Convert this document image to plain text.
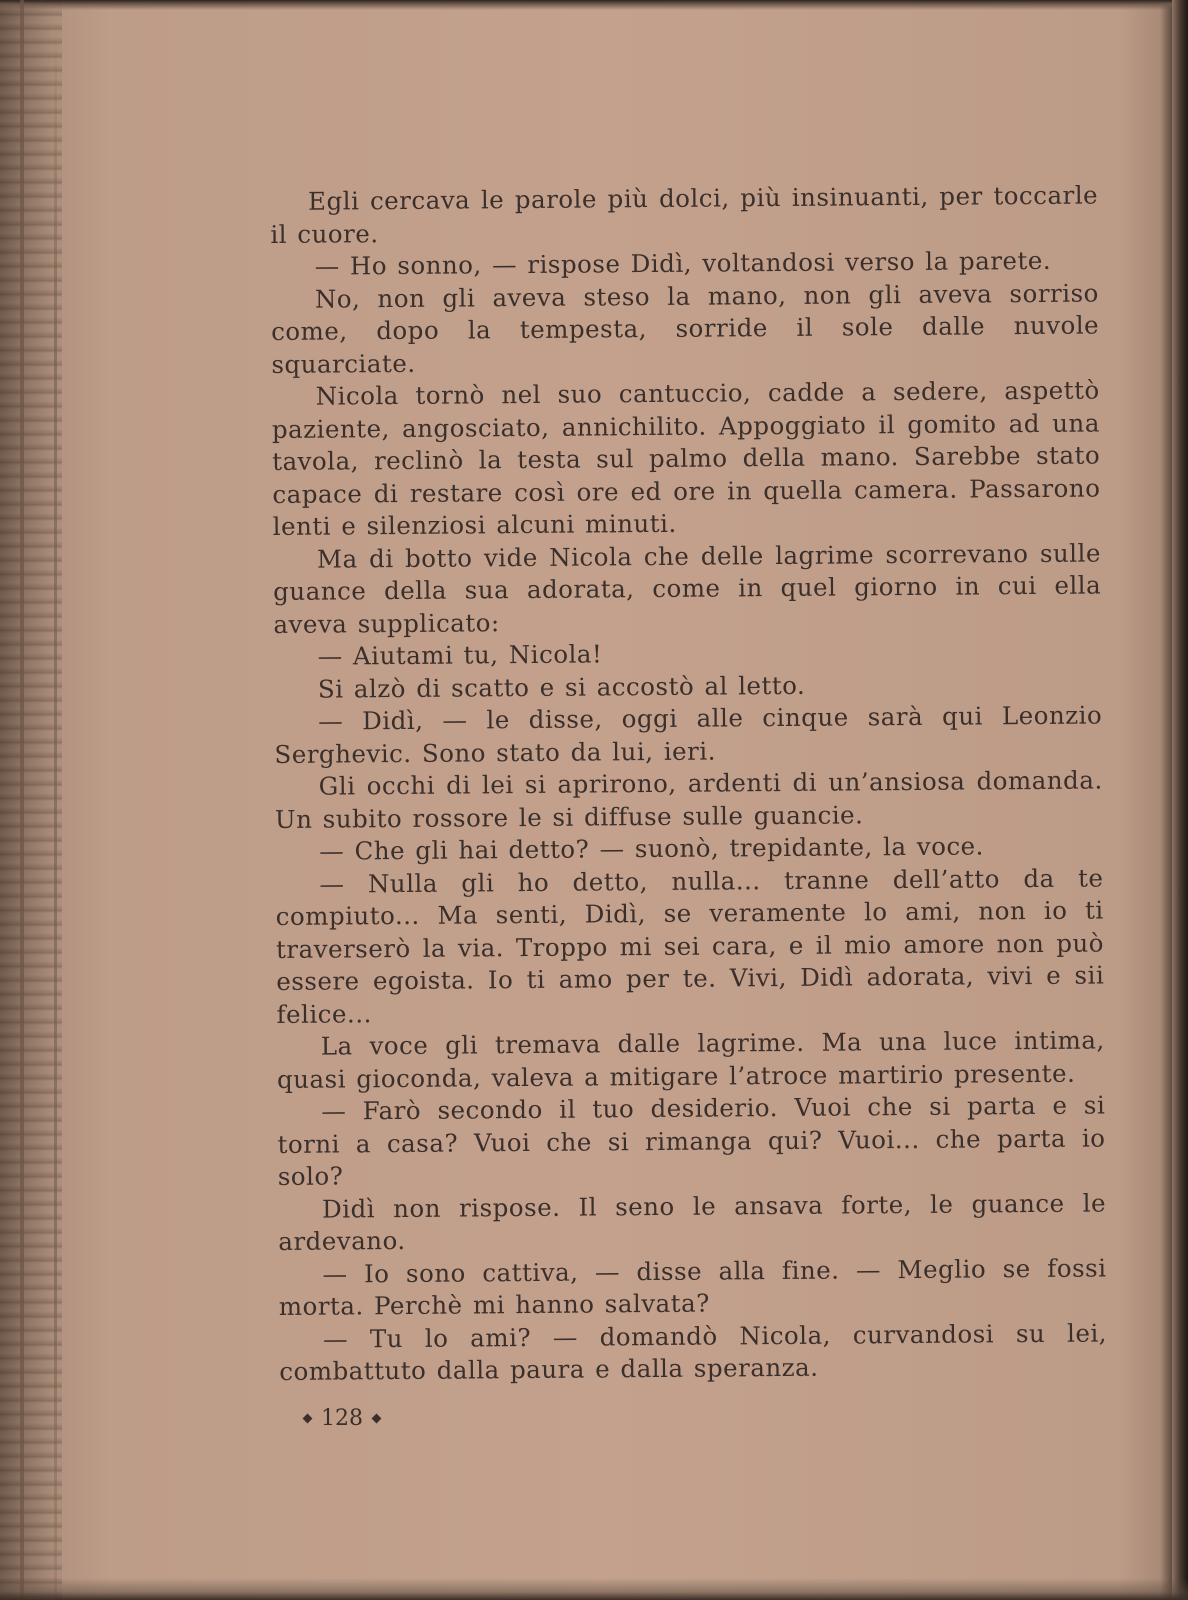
Egli cercava le parole più dolci, più insinuanti, per toccarle il cuore.

— Ho sonno, — rispose Didì, voltandosi verso la parete.

No, non gli aveva steso la mano, non gli aveva sorriso come, dopo la tempesta, sorride il sole dalle nuvole squarciate.

Nicola tornò nel suo cantuccio, cadde a sedere, aspettò paziente, angosciato, annichilito. Appoggiato il gomito ad una tavola, reclinò la testa sul palmo della mano. Sarebbe stato capace di restare così ore ed ore in quella camera. Passarono lenti e silenziosi alcuni minuti.

Ma di botto vide Nicola che delle lagrime scorrevano sulle guance della sua adorata, come in quel giorno in cui ella aveva supplicato:

— Aiutami tu, Nicola!

Si alzò di scatto e si accostò al letto.

— Didì, — le disse, oggi alle cinque sarà qui Leonzio Serghevic. Sono stato da lui, ieri.

Gli occhi di lei si aprirono, ardenti di un’ansiosa domanda. Un subito rossore le si diffuse sulle guancie.

— Che gli hai detto? — suonò, trepidante, la voce.

— Nulla gli ho detto, nulla... tranne dell’atto da te compiuto... Ma senti, Didì, se veramente lo ami, non io ti traverserò la via. Troppo mi sei cara, e il mio amore non può essere egoista. Io ti amo per te. Vivi, Didì adorata, vivi e sii felice...

La voce gli tremava dalle lagrime. Ma una luce intima, quasi gioconda, valeva a mitigare l’atroce martirio presente.

— Farò secondo il tuo desiderio. Vuoi che si parta e si torni a casa? Vuoi che si rimanga qui? Vuoi... che parta io solo?

Didì non rispose. Il seno le ansava forte, le guance le ardevano.

— Io sono cattiva, — disse alla fine. — Meglio se fossi morta. Perchè mi hanno salvata?

— Tu lo ami? — domandò Nicola, curvandosi su lei, combattuto dalla paura e dalla speranza.

128
